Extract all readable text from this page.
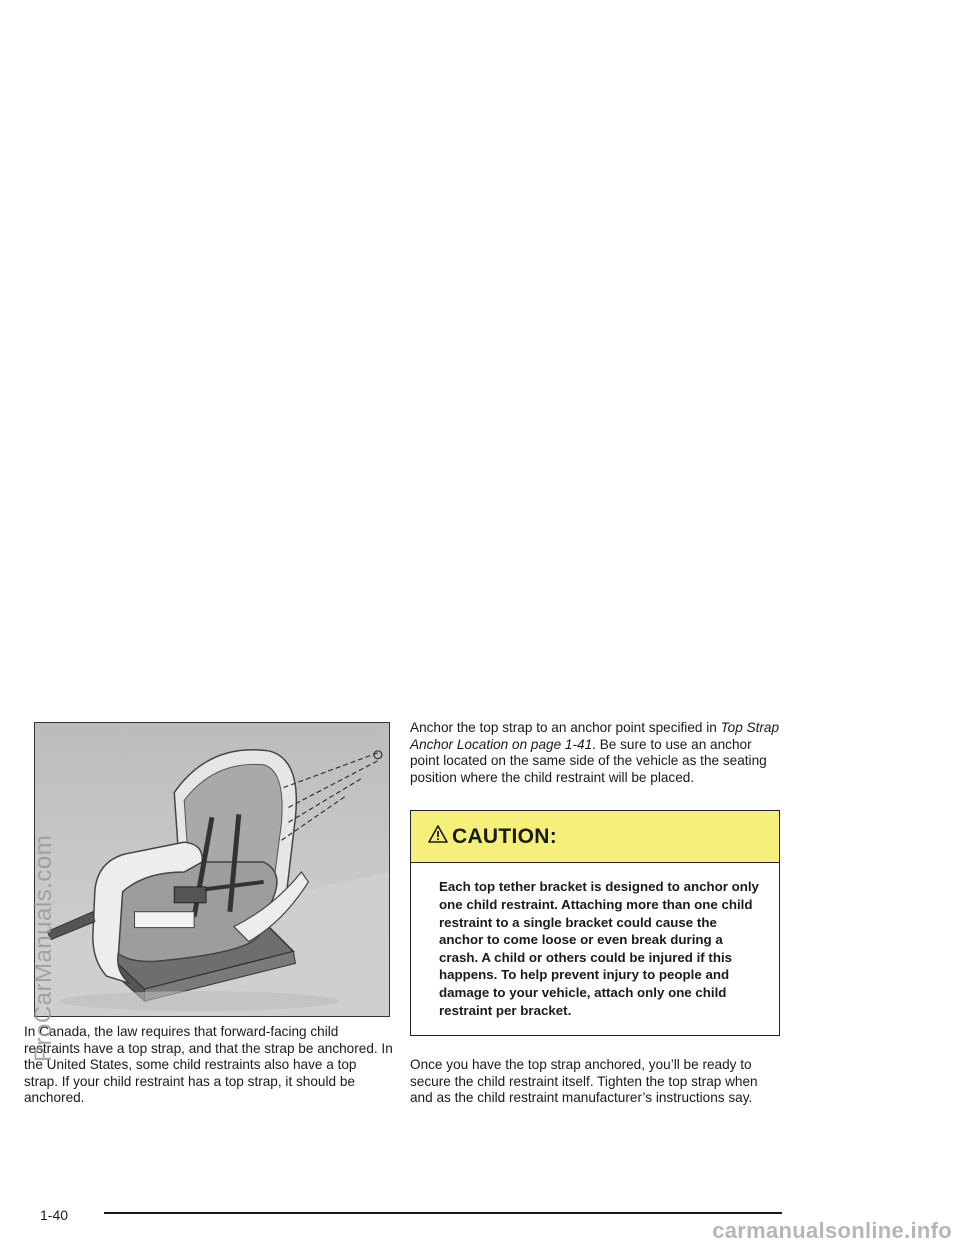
In Canada, the law requires that forward-facing child restraints have a top strap, and that the strap be anchored. In the United States, some child restraints also have a top strap. If your child restraint has a top strap, it should be anchored.

Anchor the top strap to an anchor point specified in Top Strap Anchor Location on page 1-41. Be sure to use an anchor point located on the same side of the vehicle as the seating position where the child restraint will be placed.

CAUTION:
Each top tether bracket is designed to anchor only one child restraint. Attaching more than one child restraint to a single bracket could cause the anchor to come loose or even break during a crash. A child or others could be injured if this happens. To help prevent injury to people and damage to your vehicle, attach only one child restraint per bracket.

Once you have the top strap anchored, you’ll be ready to secure the child restraint itself. Tighten the top strap when and as the child restraint manufacturer’s instructions say.

1-40
ProCarManuals.com
carmanualsonline.info
